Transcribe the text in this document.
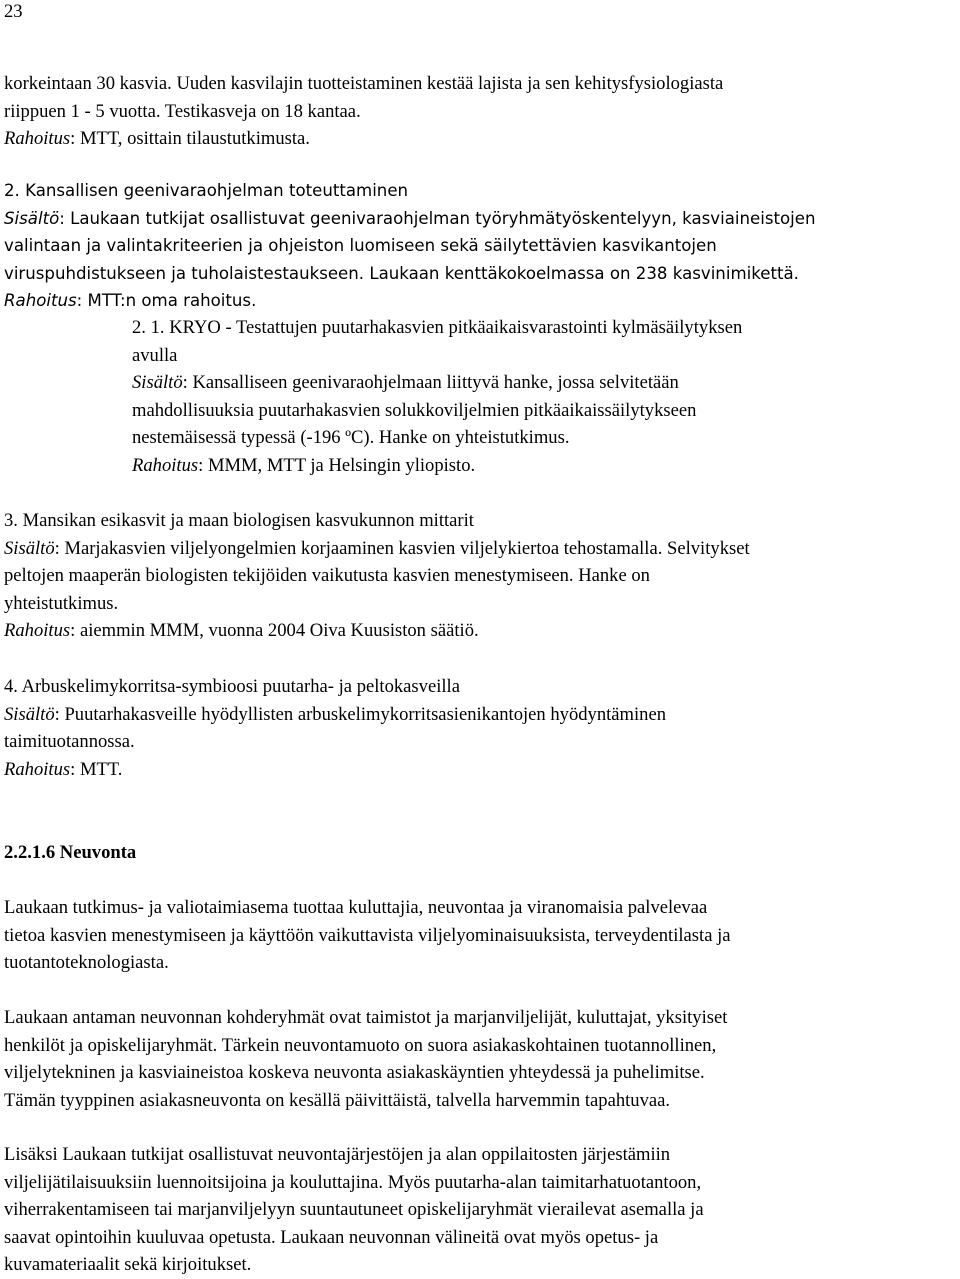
23
korkeintaan 30 kasvia. Uuden kasvilajin tuotteistaminen kestää lajista ja sen kehitysfysiologiasta
riippuen 1 - 5 vuotta. Testikasveja on 18 kantaa.
Rahoitus: MTT, osittain tilaustutkimusta.
2. Kansallisen geenivaraohjelman toteuttaminen
Sisältö: Laukaan tutkijat osallistuvat geenivaraohjelman työryhmätyöskentelyyn, kasviaineistojen
valintaan ja valintakriteerien ja ohjeiston luomiseen sekä säilytettävien kasvikantojen
viruspuhdistukseen ja tuholaistestaukseen. Laukaan kenttäkokoelmassa on 238 kasvinimikettä.
Rahoitus: MTT:n oma rahoitus.
2. 1. KRYO - Testattujen puutarhakasvien pitkäaikaisvarastointi kylmäsäilytyksen
avulla
Sisältö: Kansalliseen geenivaraohjelmaan liittyvä hanke, jossa selvitetään
mahdollisuuksia puutarhakasvien solukkoviljelmien pitkäaikaissäilytykseen
nestemäisessä typessä (-196 ºC). Hanke on yhteistutkimus.
Rahoitus: MMM, MTT ja Helsingin yliopisto.
3. Mansikan esikasvit ja maan biologisen kasvukunnon mittarit
Sisältö: Marjakasvien viljelyongelmien korjaaminen kasvien viljelykiertoa tehostamalla. Selvitykset
peltojen maaperän biologisten tekijöiden vaikutusta kasvien menestymiseen. Hanke on
yhteistutkimus.
Rahoitus: aiemmin MMM, vuonna 2004 Oiva Kuusiston säätiö.
4. Arbuskelimykorritsa-symbioosi puutarha- ja peltokasveilla
Sisältö: Puutarhakasveille hyödyllisten arbuskelimykorritsasienikantojen hyödyntäminen
taimituotannossa.
Rahoitus: MTT.
2.2.1.6 Neuvonta
Laukaan tutkimus- ja valiotaimiasema tuottaa kuluttajia, neuvontaa ja viranomaisia palvelevaa
tietoa kasvien menestymiseen ja käyttöön vaikuttavista viljelyominaisuuksista, terveydentilasta ja
tuotantoteknologiasta.
Laukaan antaman neuvonnan kohderyhmät ovat taimistot ja marjanviljelijät, kuluttajat, yksityiset
henkilöt ja opiskelijaryhmät. Tärkein neuvontamuoto on suora asiakaskohtainen tuotannollinen,
viljelytekninen ja kasviaineistoa koskeva neuvonta asiakaskäyntien yhteydessä ja puhelimitse.
Tämän tyyppinen asiakasneuvonta on kesällä päivittäistä, talvella harvemmin tapahtuvaa.
Lisäksi Laukaan tutkijat osallistuvat neuvontajärjestöjen ja alan oppilaitosten järjestämiin
viljelijätilaisuuksiin luennoitsijoina ja kouluttajina. Myös puutarha-alan taimitarhatuotantoon,
viherrakentamiseen tai marjanviljelyyn suuntautuneet opiskelijaryhmät vierailevat asemalla ja
saavat opintoihin kuuluvaa opetusta. Laukaan neuvonnan välineitä ovat myös opetus- ja
kuvamateriaalit sekä kirjoitukset.
